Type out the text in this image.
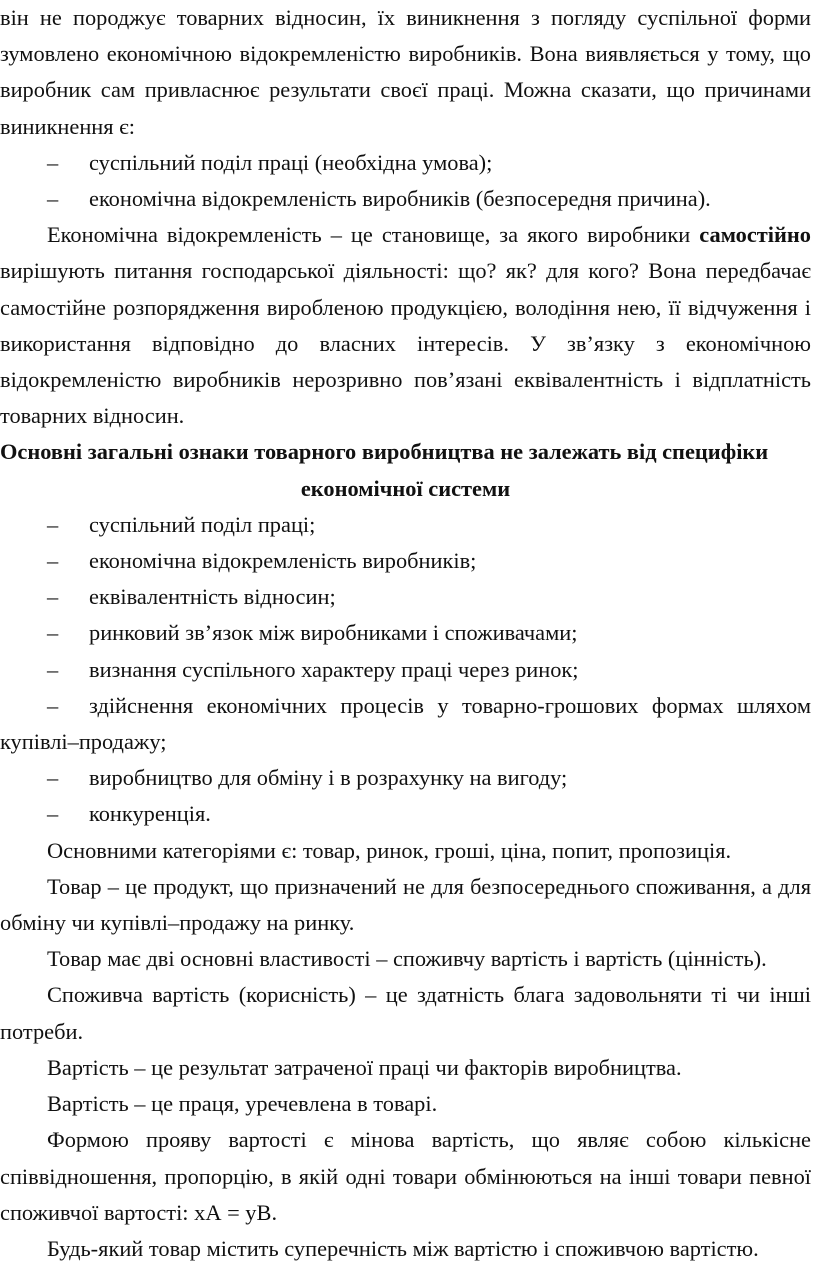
він не породжує товарних відносин, їх виникнення з погляду суспільної форми зумовлено економічною відокремленістю виробників. Вона виявляється у тому, що виробник сам привласнює результати своєї праці. Можна сказати, що причинами виникнення є:

– суспільний поділ праці (необхідна умова);

– економічна відокремленість виробників (безпосередня причина).

Економічна відокремленість – це становище, за якого виробники самостійно вирішують питання господарської діяльності: що? як? для кого? Вона передбачає самостійне розпорядження виробленою продукцією, володіння нею, її відчуження і використання відповідно до власних інтересів. У зв’язку з економічною відокремленістю виробників нерозривно пов’язані еквівалентність і відплатність товарних відносин.

Основні загальні ознаки товарного виробництва не залежать від специфіки

економічної системи

– суспільний поділ праці;

– економічна відокремленість виробників;

– еквівалентність відносин;

– ринковий зв’язок між виробниками і споживачами;

– визнання суспільного характеру праці через ринок;

– здійснення економічних процесів у товарно-грошових формах шляхом купівлі–продажу;

– виробництво для обміну і в розрахунку на вигоду;

– конкуренція.

Основними категоріями є: товар, ринок, гроші, ціна, попит, пропозиція.

Товар – це продукт, що призначений не для безпосереднього споживання, а для обміну чи купівлі–продажу на ринку.

Товар має дві основні властивості – споживчу вартість і вартість (цінність).

Споживча вартість (корисність) – це здатність блага задовольняти ті чи інші потреби.

Вартість – це результат затраченої праці чи факторів виробництва.

Вартість – це праця, уречевлена в товарі.

Формою прояву вартості є мінова вартість, що являє собою кількісне співвідношення, пропорцію, в якій одні товари обмінюються на інші товари певної споживчої вартості: хА = уВ.

Будь-який товар містить суперечність між вартістю і споживчою вартістю.
